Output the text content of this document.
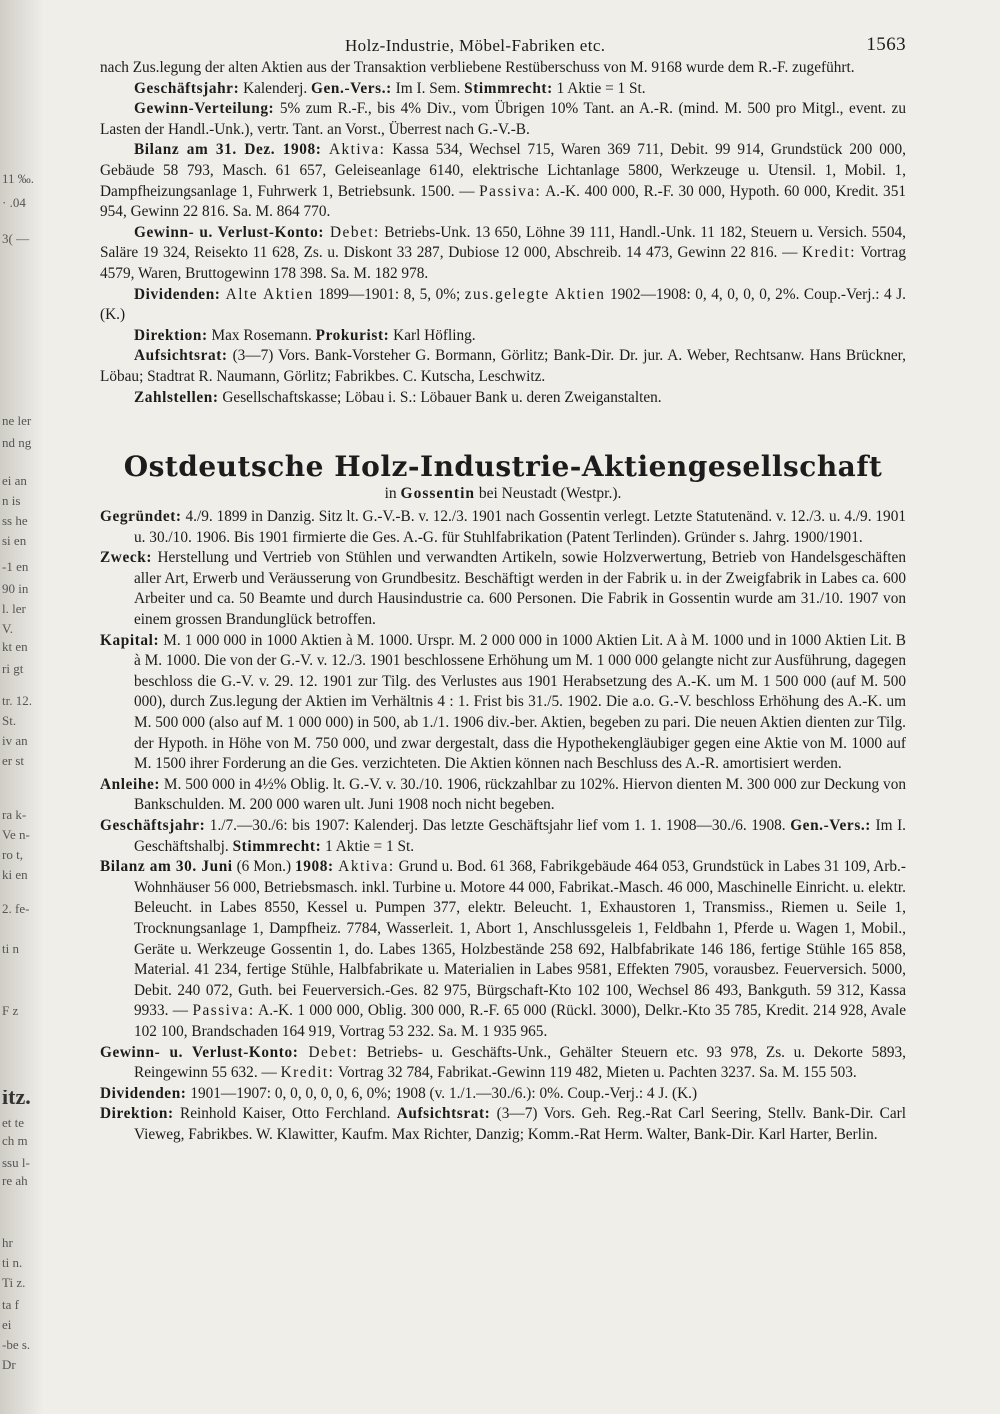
11 ‰.
· .04
3( —
ne ler
nd ng
ei an
n is
ss he
si en
-1 en
90 in
l. ler
V.
kt en
ri gt
tr. 12.
St.
iv an
er st
ra k-
Ve n-
ro t,
ki en
2. fe-
ti n
F z
itz.
et te
ch m
ssu l-
re ah
hr
ti n.
Ti z.
ta f
ei
-be s.
Dr
Holz-Industrie, Möbel-Fabriken etc.	1563

nach Zus.legung der alten Aktien aus der Transaktion verbliebene Restüberschuss von M. 9168 wurde dem R.-F. zugeführt.

Geschäftsjahr: Kalenderj. Gen.-Vers.: Im I. Sem. Stimmrecht: 1 Aktie = 1 St.

Gewinn-Verteilung: 5% zum R.-F., bis 4% Div., vom Übrigen 10% Tant. an A.-R. (mind. M. 500 pro Mitgl., event. zu Lasten der Handl.-Unk.), vertr. Tant. an Vorst., Überrest nach G.-V.-B.

Bilanz am 31. Dez. 1908: Aktiva: Kassa 534, Wechsel 715, Waren 369 711, Debit. 99 914, Grundstück 200 000, Gebäude 58 793, Masch. 61 657, Geleiseanlage 6140, elektrische Lichtanlage 5800, Werkzeuge u. Utensil. 1, Mobil. 1, Dampfheizungsanlage 1, Fuhrwerk 1, Betriebsunk. 1500. — Passiva: A.-K. 400 000, R.-F. 30 000, Hypoth. 60 000, Kredit. 351 954, Gewinn 22 816. Sa. M. 864 770.

Gewinn- u. Verlust-Konto: Debet: Betriebs-Unk. 13 650, Löhne 39 111, Handl.-Unk. 11 182, Steuern u. Versich. 5504, Saläre 19 324, Reisekto 11 628, Zs. u. Diskont 33 287, Dubiose 12 000, Abschreib. 14 473, Gewinn 22 816. — Kredit: Vortrag 4579, Waren, Bruttogewinn 178 398. Sa. M. 182 978.

Dividenden: Alte Aktien 1899—1901: 8, 5, 0%; zus.gelegte Aktien 1902—1908: 0, 4, 0, 0, 0, 2%. Coup.-Verj.: 4 J. (K.)

Direktion: Max Rosemann. Prokurist: Karl Höfling.

Aufsichtsrat: (3—7) Vors. Bank-Vorsteher G. Bormann, Görlitz; Bank-Dir. Dr. jur. A. Weber, Rechtsanw. Hans Brückner, Löbau; Stadtrat R. Naumann, Görlitz; Fabrikbes. C. Kutscha, Leschwitz.

Zahlstellen: Gesellschaftskasse; Löbau i. S.: Löbauer Bank u. deren Zweiganstalten.

Ostdeutsche Holz-Industrie-Aktiengesellschaft
in Gossentin bei Neustadt (Westpr.).

Gegründet: 4./9. 1899 in Danzig. Sitz lt. G.-V.-B. v. 12./3. 1901 nach Gossentin verlegt. Letzte Statutenänd. v. 12./3. u. 4./9. 1901 u. 30./10. 1906. Bis 1901 firmierte die Ges. A.-G. für Stuhlfabrikation (Patent Terlinden). Gründer s. Jahrg. 1900/1901.

Zweck: Herstellung und Vertrieb von Stühlen und verwandten Artikeln, sowie Holzverwertung, Betrieb von Handelsgeschäften aller Art, Erwerb und Veräusserung von Grundbesitz. Beschäftigt werden in der Fabrik u. in der Zweigfabrik in Labes ca. 600 Arbeiter und ca. 50 Beamte und durch Hausindustrie ca. 600 Personen. Die Fabrik in Gossentin wurde am 31./10. 1907 von einem grossen Brandunglück betroffen.

Kapital: M. 1 000 000 in 1000 Aktien à M. 1000. Urspr. M. 2 000 000 in 1000 Aktien Lit. A à M. 1000 und in 1000 Aktien Lit. B à M. 1000. Die von der G.-V. v. 12./3. 1901 beschlossene Erhöhung um M. 1 000 000 gelangte nicht zur Ausführung, dagegen beschloss die G.-V. v. 29. 12. 1901 zur Tilg. des Verlustes aus 1901 Herabsetzung des A.-K. um M. 1 500 000 (auf M. 500 000), durch Zus.legung der Aktien im Verhältnis 4 : 1. Frist bis 31./5. 1902. Die a.o. G.-V. beschloss Erhöhung des A.-K. um M. 500 000 (also auf M. 1 000 000) in 500, ab 1./1. 1906 div.-ber. Aktien, begeben zu pari. Die neuen Aktien dienten zur Tilg. der Hypoth. in Höhe von M. 750 000, und zwar dergestalt, dass die Hypothekengläubiger gegen eine Aktie von M. 1000 auf M. 1500 ihrer Forderung an die Ges. verzichteten. Die Aktien können nach Beschluss des A.-R. amortisiert werden.

Anleihe: M. 500 000 in 4½% Oblig. lt. G.-V. v. 30./10. 1906, rückzahlbar zu 102%. Hiervon dienten M. 300 000 zur Deckung von Bankschulden. M. 200 000 waren ult. Juni 1908 noch nicht begeben.

Geschäftsjahr: 1./7.—30./6: bis 1907: Kalenderj. Das letzte Geschäftsjahr lief vom 1. 1. 1908—30./6. 1908. Gen.-Vers.: Im I. Geschäftshalbj. Stimmrecht: 1 Aktie = 1 St.

Bilanz am 30. Juni (6 Mon.) 1908: Aktiva: Grund u. Bod. 61 368, Fabrikgebäude 464 053, Grundstück in Labes 31 109, Arb.-Wohnhäuser 56 000, Betriebsmasch. inkl. Turbine u. Motore 44 000, Fabrikat.-Masch. 46 000, Maschinelle Einricht. u. elektr. Beleucht. in Labes 8550, Kessel u. Pumpen 377, elektr. Beleucht. 1, Exhaustoren 1, Transmiss., Riemen u. Seile 1, Trocknungsanlage 1, Dampfheiz. 7784, Wasserleit. 1, Abort 1, Anschlussgeleis 1, Feldbahn 1, Pferde u. Wagen 1, Mobil., Geräte u. Werkzeuge Gossentin 1, do. Labes 1365, Holzbestände 258 692, Halbfabrikate 146 186, fertige Stühle 165 858, Material. 41 234, fertige Stühle, Halbfabrikate u. Materialien in Labes 9581, Effekten 7905, vorausbez. Feuerversich. 5000, Debit. 240 072, Guth. bei Feuerversich.-Ges. 82 975, Bürgschaft-Kto 102 100, Wechsel 86 493, Bankguth. 59 312, Kassa 9933. — Passiva: A.-K. 1 000 000, Oblig. 300 000, R.-F. 65 000 (Rückl. 3000), Delkr.-Kto 35 785, Kredit. 214 928, Avale 102 100, Brandschaden 164 919, Vortrag 53 232. Sa. M. 1 935 965.

Gewinn- u. Verlust-Konto: Debet: Betriebs- u. Geschäfts-Unk., Gehälter Steuern etc. 93 978, Zs. u. Dekorte 5893, Reingewinn 55 632. — Kredit: Vortrag 32 784, Fabrikat.-Gewinn 119 482, Mieten u. Pachten 3237. Sa. M. 155 503.

Dividenden: 1901—1907: 0, 0, 0, 0, 0, 6, 0%; 1908 (v. 1./1.—30./6.): 0%. Coup.-Verj.: 4 J. (K.)

Direktion: Reinhold Kaiser, Otto Ferchland. Aufsichtsrat: (3—7) Vors. Geh. Reg.-Rat Carl Seering, Stellv. Bank-Dir. Carl Vieweg, Fabrikbes. W. Klawitter, Kaufm. Max Richter, Danzig; Komm.-Rat Herm. Walter, Bank-Dir. Karl Harter, Berlin.
